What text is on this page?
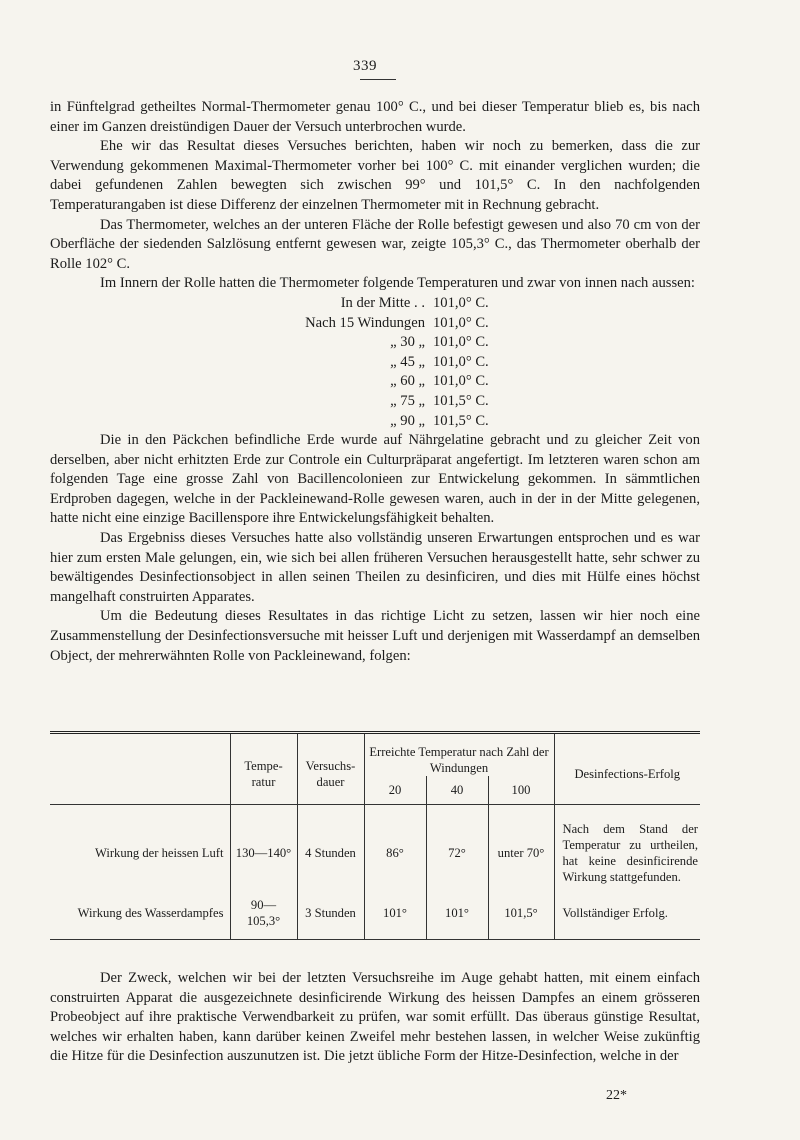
339

in Fünftelgrad getheiltes Normal-Thermometer genau 100° C., und bei dieser Temperatur blieb es, bis nach einer im Ganzen dreistündigen Dauer der Versuch unterbrochen wurde.

Ehe wir das Resultat dieses Versuches berichten, haben wir noch zu bemerken, dass die zur Verwendung gekommenen Maximal-Thermometer vorher bei 100° C. mit einander verglichen wurden; die dabei gefundenen Zahlen bewegten sich zwischen 99° und 101,5° C. In den nachfolgenden Temperaturangaben ist diese Differenz der einzelnen Thermometer mit in Rechnung gebracht.

Das Thermometer, welches an der unteren Fläche der Rolle befestigt gewesen und also 70 cm von der Oberfläche der siedenden Salzlösung entfernt gewesen war, zeigte 105,3° C., das Thermometer oberhalb der Rolle 102° C.

Im Innern der Rolle hatten die Thermometer folgende Temperaturen und zwar von innen nach aussen:

In der Mitte . . 101,0° C.
Nach 15 Windungen 101,0° C.
„ 30 „ 101,0° C.
„ 45 „ 101,0° C.
„ 60 „ 101,0° C.
„ 75 „ 101,5° C.
„ 90 „ 101,5° C.

Die in den Päckchen befindliche Erde wurde auf Nährgelatine gebracht und zu gleicher Zeit von derselben, aber nicht erhitzten Erde zur Controle ein Culturpräparat angefertigt. Im letzteren waren schon am folgenden Tage eine grosse Zahl von Bacillencolonieen zur Entwickelung gekommen. In sämmtlichen Erdproben dagegen, welche in der Packleinewand-Rolle gewesen waren, auch in der in der Mitte gelegenen, hatte nicht eine einzige Bacillenspore ihre Entwickelungsfähigkeit behalten.

Das Ergebniss dieses Versuches hatte also vollständig unseren Erwartungen entsprochen und es war hier zum ersten Male gelungen, ein, wie sich bei allen früheren Versuchen herausgestellt hatte, sehr schwer zu bewältigendes Desinfectionsobject in allen seinen Theilen zu desinficiren, und dies mit Hülfe eines höchst mangelhaft construirten Apparates.

Um die Bedeutung dieses Resultates in das richtige Licht zu setzen, lassen wir hier noch eine Zusammenstellung der Desinfectionsversuche mit heisser Luft und derjenigen mit Wasserdampf an demselben Object, der mehrerwähnten Rolle von Packleinewand, folgen:

	Tempe-ratur	Versuchs-dauer	Erreichte Temperatur nach Zahl der Windungen			Desinfections-Erfolg
			20	40	100	
Wirkung der heissen Luft	130—140°	4 Stunden	86°	72°	unter 70°	Nach dem Stand der Temperatur zu urtheilen, hat keine desinficirende Wirkung stattgefunden.
Wirkung des Wasserdampfes	90—105,3°	3 Stunden	101°	101°	101,5°	Vollständiger Erfolg.

Der Zweck, welchen wir bei der letzten Versuchsreihe im Auge gehabt hatten, mit einem einfach construirten Apparat die ausgezeichnete desinficirende Wirkung des heissen Dampfes an einem grösseren Probeobject auf ihre praktische Verwendbarkeit zu prüfen, war somit erfüllt. Das überaus günstige Resultat, welches wir erhalten haben, kann darüber keinen Zweifel mehr bestehen lassen, in welcher Weise zukünftig die Hitze für die Desinfection auszunutzen ist. Die jetzt übliche Form der Hitze-Desinfection, welche in der

22*
